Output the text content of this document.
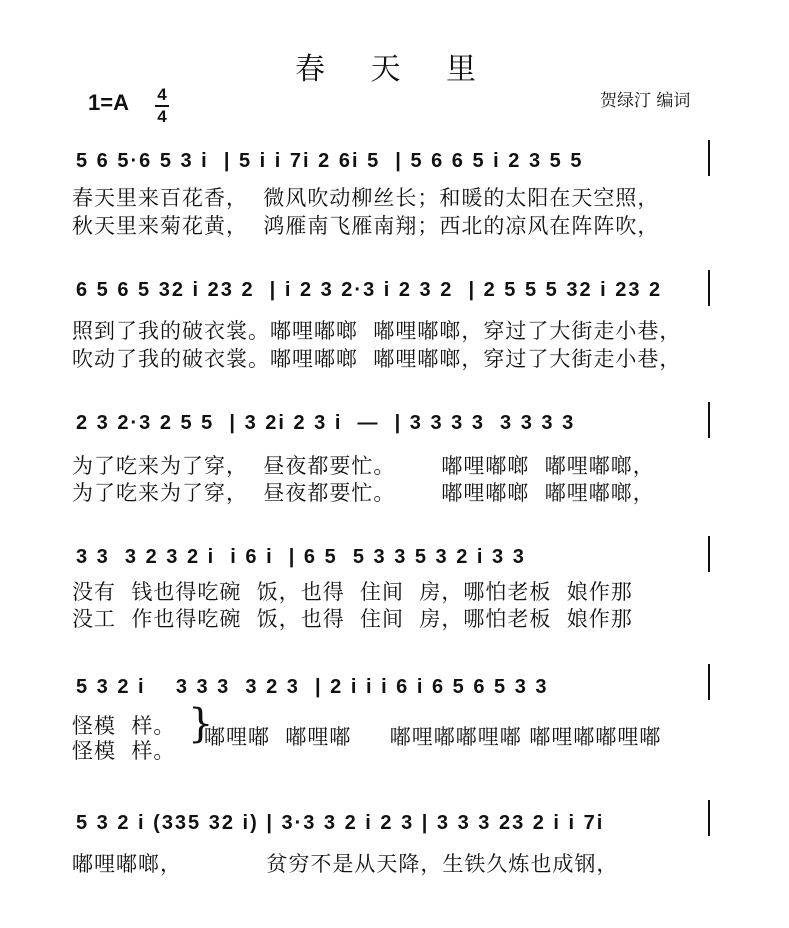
春 天 里
1=A 4
4
贺绿汀 编词
5 6 5·6 5 3 i  | 5 i i 7i 2 6i 5  | 5 6 6 5 i 2 3 5 5
春天里来百花香，  微风吹动柳丝长；和暖的太阳在天空照，
秋天里来菊花黄，  鸿雁南飞雁南翔；西北的凉风在阵阵吹，
6 5 6 5 32 i 23 2  | i 2 3 2·3 i 2 3 2  | 2 5 5 5 32 i 23 2
照到了我的破衣裳。嘟哩嘟啷  嘟哩嘟啷，穿过了大街走小巷，
吹动了我的破衣裳。嘟哩嘟啷  嘟哩嘟啷，穿过了大街走小巷，
2 3 2·3 2 5 5  | 3 2i 2 3 i  —  | 3 3 3 3  3 3 3 3
为了吃来为了穿，  昼夜都要忙。      嘟哩嘟啷  嘟哩嘟啷，
为了吃来为了穿，  昼夜都要忙。      嘟哩嘟啷  嘟哩嘟啷，
3 3  3 2 3 2 i  i 6 i  | 6 5  5 3 3 5 3 2 i 3 3
没有  钱也得吃碗  饭，也得  住间  房，哪怕老板  娘作那
没工  作也得吃碗  饭，也得  住间  房，哪怕老板  娘作那
5 3 2 i    3 3 3  3 2 3  | 2 i i i 6 i 6 5 6 5 3 3
怪模  样。
怪模  样。
}
嘟哩嘟  嘟哩嘟     嘟哩嘟嘟哩嘟 嘟哩嘟嘟哩嘟
5 3 2 i (335 32 i) | 3·3 3 2 i 2 3 | 3 3 3 23 2 i i 7i
嘟哩嘟啷，           贫穷不是从天降，生铁久炼也成钢，
